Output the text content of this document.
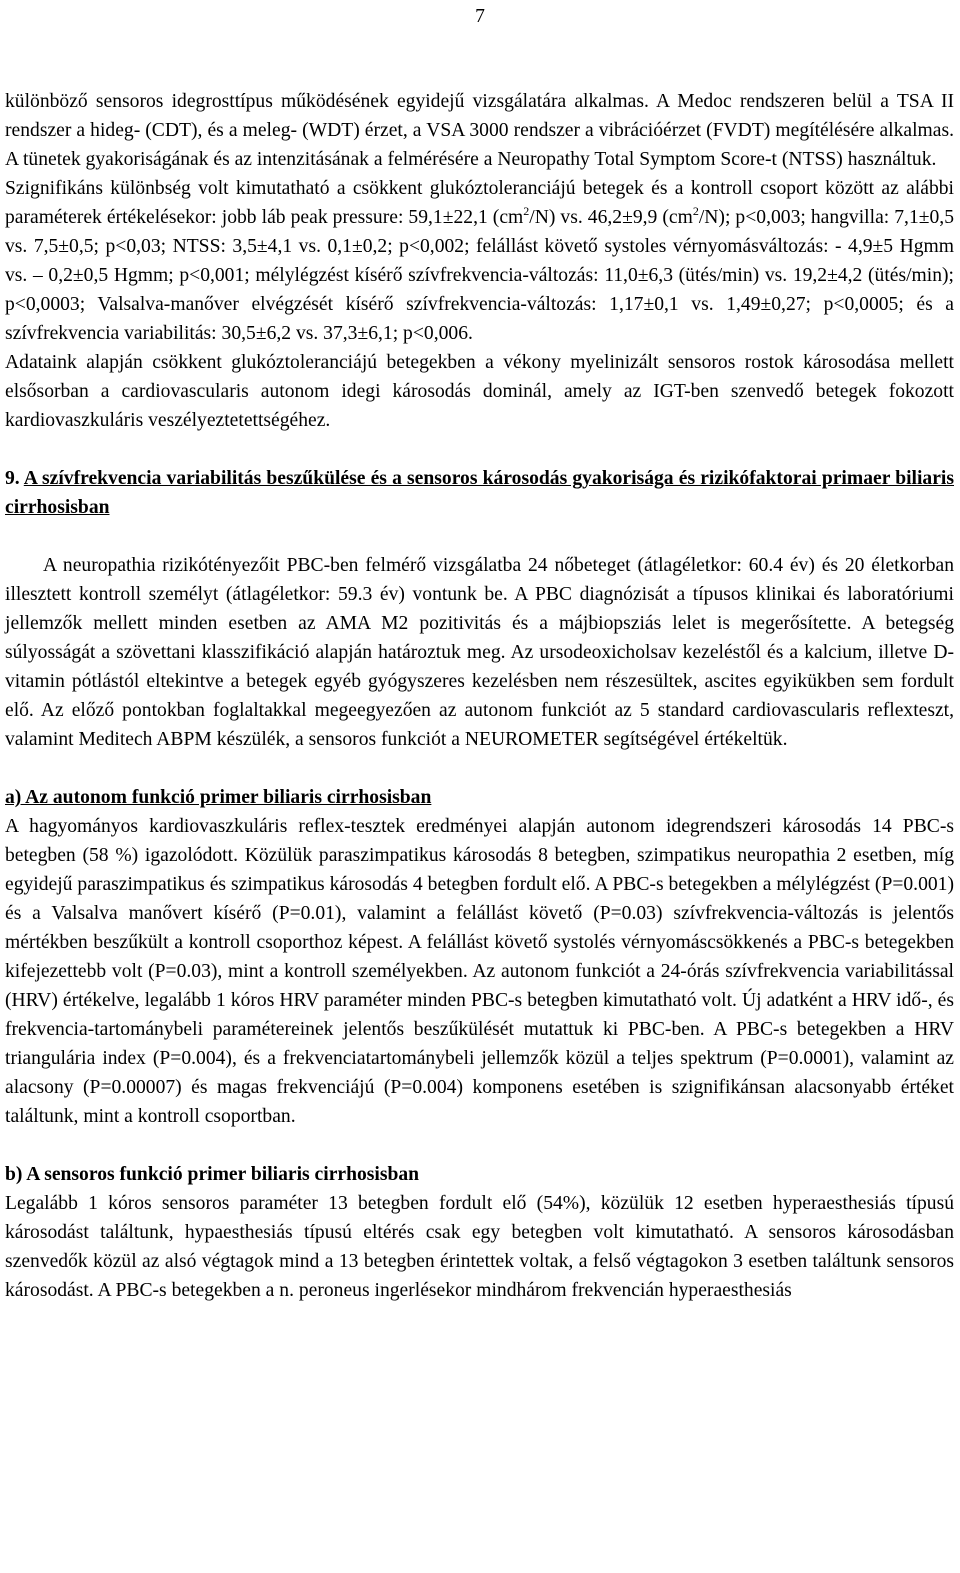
7

különböző sensoros idegrosttípus működésének egyidejű vizsgálatára alkalmas. A Medoc rendszeren belül a TSA II rendszer a hideg- (CDT), és a meleg- (WDT) érzet, a VSA 3000 rendszer a vibrációérzet (FVDT) megítélésére alkalmas. A tünetek gyakoriságának és az intenzitásának a felmérésére a Neuropathy Total Symptom Score-t (NTSS) használtuk.

Szignifikáns különbség volt kimutatható a csökkent glukóztoleranciájú betegek és a kontroll csoport között az alábbi paraméterek értékelésekor: jobb láb peak pressure: 59,1±22,1 $(cm^2/N)$ vs. 46,2±9,9 $(cm^2/N)$; p<0,003; hangvilla: 7,1±0,5 vs. 7,5±0,5; p<0,03; NTSS: 3,5±4,1 vs. 0,1±0,2; p<0,002; felállást követő systoles vérnyomásváltozás: - 4,9±5 Hgmm vs. – 0,2±0,5 Hgmm; p<0,001; mélylégzést kísérő szívfrekvencia-változás: 11,0±6,3 (ütés/min) vs. 19,2±4,2 (ütés/min); p<0,0003; Valsalva-manőver elvégzését kísérő szívfrekvencia-változás: 1,17±0,1 vs. 1,49±0,27; p<0,0005; és a szívfrekvencia variabilitás: 30,5±6,2 vs. 37,3±6,1; p<0,006.

Adataink alapján csökkent glukóztoleranciájú betegekben a vékony myelinizált sensoros rostok károsodása mellett elsősorban a cardiovascularis autonom idegi károsodás dominál, amely az IGT-ben szenvedő betegek fokozott kardiovaszkuláris veszélyeztetettségéhez.

9. A szívfrekvencia variabilitás beszűkülése és a sensoros károsodás gyakorisága és rizikófaktorai primaer biliaris cirrhosisban

A neuropathia rizikótényezőit PBC-ben felmérő vizsgálatba 24 nőbeteget (átlagéletkor: 60.4 év) és 20 életkorban illesztett kontroll személyt (átlagéletkor: 59.3 év) vontunk be. A PBC diagnózisát a típusos klinikai és laboratóriumi jellemzők mellett minden esetben az AMA M2 pozitivitás és a májbiopsziás lelet is megerősítette. A betegség súlyosságát a szövettani klasszifikáció alapján határoztuk meg. Az ursodeoxicholsav kezeléstől és a kalcium, illetve D-vitamin pótlástól eltekintve a betegek egyéb gyógyszeres kezelésben nem részesültek, ascites egyikükben sem fordult elő. Az előző pontokban foglaltakkal megeegyezően az autonom funkciót az 5 standard cardiovascularis reflexteszt, valamint Meditech ABPM készülék, a sensoros funkciót a NEUROMETER segítségével értékeltük.

a) Az autonom funkció primer biliaris cirrhosisban

A hagyományos kardiovaszkuláris reflex-tesztek eredményei alapján autonom idegrendszeri károsodás 14 PBC-s betegben (58 %) igazolódott. Közülük paraszimpatikus károsodás 8 betegben, szimpatikus neuropathia 2 esetben, míg egyidejű paraszimpatikus és szimpatikus károsodás 4 betegben fordult elő. A PBC-s betegekben a mélylégzést (P=0.001) és a Valsalva manővert kísérő (P=0.01), valamint a felállást követő (P=0.03) szívfrekvencia-változás is jelentős mértékben beszűkült a kontroll csoporthoz képest. A felállást követő systolés vérnyomáscsökkenés a PBC-s betegekben kifejezettebb volt (P=0.03), mint a kontroll személyekben. Az autonom funkciót a 24-órás szívfrekvencia variabilitással (HRV) értékelve, legalább 1 kóros HRV paraméter minden PBC-s betegben kimutatható volt. Új adatként a HRV idő-, és frekvencia-tartománybeli paramétereinek jelentős beszűkülését mutattuk ki PBC-ben. A PBC-s betegekben a HRV triangulária index (P=0.004), és a frekvenciatartománybeli jellemzők közül a teljes spektrum (P=0.0001), valamint az alacsony (P=0.00007) és magas frekvenciájú (P=0.004) komponens esetében is szignifikánsan alacsonyabb értéket találtunk, mint a kontroll csoportban.

b) A sensoros funkció primer biliaris cirrhosisban

Legalább 1 kóros sensoros paraméter 13 betegben fordult elő (54%), közülük 12 esetben hyperaesthesiás típusú károsodást találtunk, hypaesthesiás típusú eltérés csak egy betegben volt kimutatható. A sensoros károsodásban szenvedők közül az alsó végtagok mind a 13 betegben érintettek voltak, a felső végtagokon 3 esetben találtunk sensoros károsodást. A PBC-s betegekben a n. peroneus ingerlésekor mindhárom frekvencián hyperaesthesiás
